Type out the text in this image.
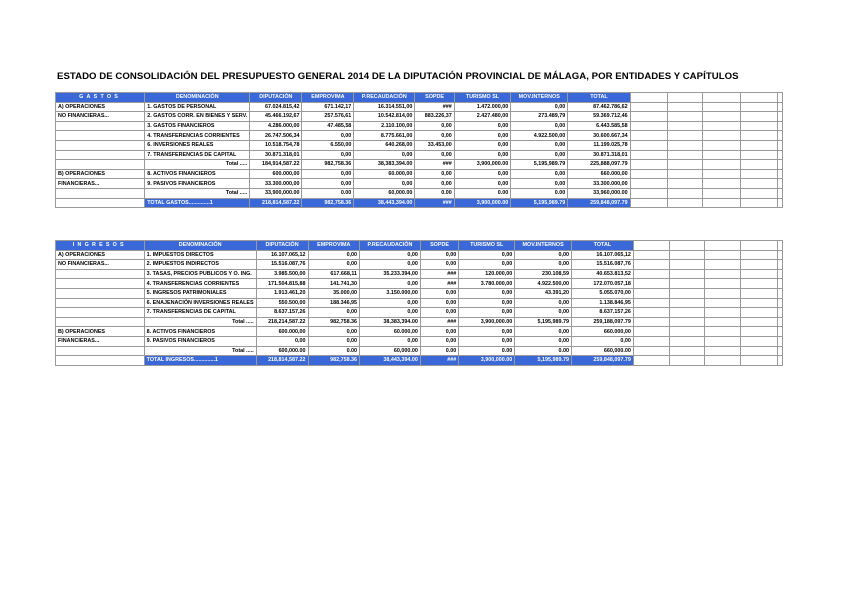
ESTADO DE CONSOLIDACIÓN DEL PRESUPUESTO GENERAL 2014 DE LA DIPUTACIÓN PROVINCIAL DE MÁLAGA, POR ENTIDADES Y CAPÍTULOS
GASTOS	DENOMINACIÓN	DIPUTACIÓN	EMPROVIMA	P.RECAUDACIÓN	SOPDE	TURISMO SL	MOV.INTERNOS	TOTAL					
A) OPERACIONES	1. GASTOS DE PERSONAL	67.024.815,42	671.142,17	16.314.551,00	###	1.472.000,00	0,00	87.462.786,62					
NO FINANCIERAS...	2. GASTOS CORR. EN BIENES Y SERV.	45.466.192,67	257.576,61	10.542.814,00	883.226,37	2.427.480,00	273.489,79	59.369.712,46					
	3. GASTOS FINANCIEROS	4.286.000,00	47.485,58	2.110.100,00	0,00	0,00	0,00	6.443.585,58					
	4. TRANSFERENCIAS CORRIENTES	26.747.506,34	0,00	8.775.661,00	0,00	0,00	4.922.500,00	30.600.667,34					
	6. INVERSIONES REALES	10.518.754,78	6.550,00	640.268,00	33.453,00	0,00	0,00	11.199.025,78					
	7. TRANSFERENCIAS DE CAPITAL	30.871.318,01	0,00	0,00	0,00	0,00	0,00	30.871.318,01					
	Total .....	184,914,587.22	982,758.36	38,383,394.00	###	3,900,000.00	5,195,989.79	225,888,097.79					
B) OPERACIONES	8. ACTIVOS FINANCIEROS	600.000,00	0,00	60.000,00	0,00	0,00	0,00	660.000,00					
FINANCIERAS...	9. PASIVOS FINANCIEROS	33.300.000,00	0,00	0,00	0,00	0,00	0,00	33.300.000,00					
	Total .....	33,900,000.00	0.00	60,000.00	0.00	0.00	0.00	33,960,000.00					
	TOTAL GASTOS..............1	218,814,587.22	982,758.36	38,443,394.00	###	3,900,000.00	5,195,989.79	259,848,097.79					
INGRESOS	DENOMINACIÓN	DIPUTACIÓN	EMPROVIMA	P.RECAUDACIÓN	SOPDE	TURISMO SL	MOV.INTERNOS	TOTAL					
A) OPERACIONES	1. IMPUESTOS DIRECTOS	16.107.065,12	0,00	0,00	0,00	0,00	0,00	16.107.065,12					
NO FINANCIERAS...	2. IMPUESTOS INDIRECTOS	15.516.087,76	0,00	0,00	0,00	0,00	0,00	15.516.087,76					
	3. TASAS, PRECIOS PUBLICOS Y O. ING.	3.985.500,00	617.668,11	35.233.394,00	###	120.000,00	230.108,59	40.653.813,52					
	4. TRANSFERENCIAS CORRIENTES	171.504.815,88	141.741,30	0,00	###	3.780.000,00	4.922.500,00	172.070.057,18					
	5. INGRESOS PATRIMONIALES	1.913.461,20	35.000,00	3.150.000,00	0,00	0,00	43.391,20	5.055.070,00					
	6. ENAJENACIÓN INVERSIONES REALES	550.500,00	188.346,95	0,00	0,00	0,00	0,00	1.138.846,95					
	7. TRANSFERENCIAS DE CAPITAL	8.637.157,26	0,00	0,00	0,00	0,00	0,00	8.637.157,26					
	Total .....	218,214,587.22	982,758.36	38,383,394.00	###	3,900,000.00	5,195,989.79	259,188,097.79					
B) OPERACIONES	8. ACTIVOS FINANCIEROS	600.000,00	0,00	60.000,00	0,00	0,00	0,00	660.000,00					
FINANCIERAS...	9. PASIVOS FINANCIEROS	0,00	0,00	0,00	0,00	0,00	0,00	0,00					
	Total .....	600,000.00	0.00	60,000.00	0.00	0.00	0.00	660,000.00					
	TOTAL INGRESOS..............1	218,814,587.22	982,758.36	38,443,394.00	###	3,900,000.00	5,195,989.79	259,848,097.79					
